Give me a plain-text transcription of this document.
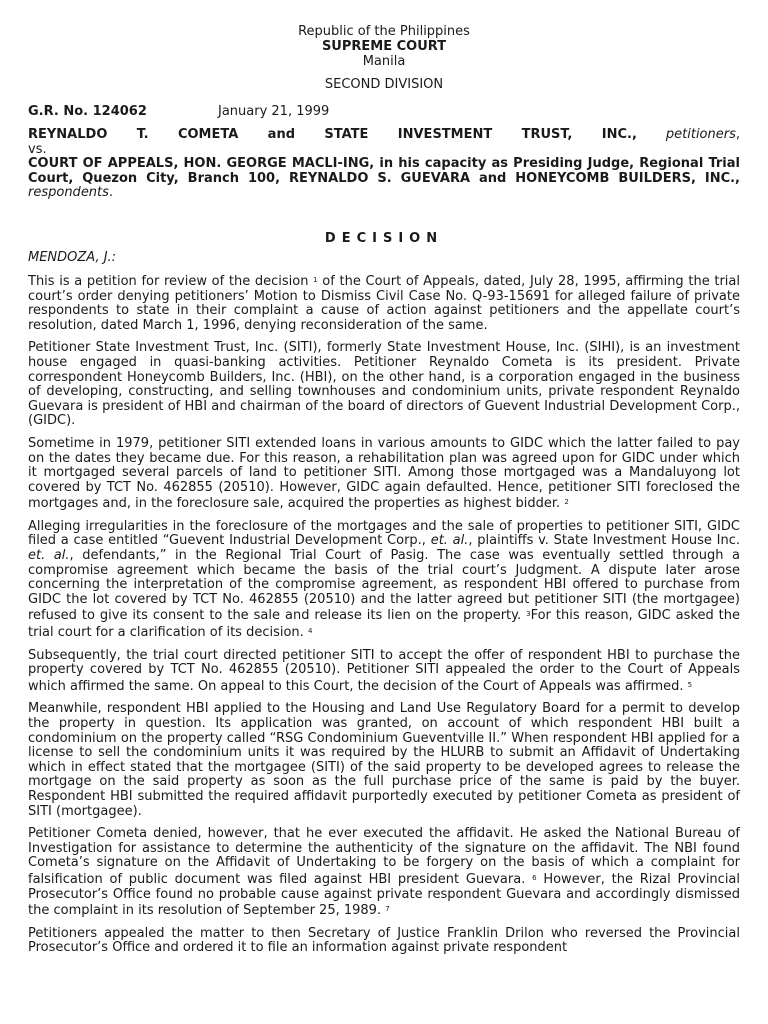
Republic of the Philippines
SUPREME COURT
Manila
SECOND DIVISION
G.R. No. 124062	January 21, 1999
REYNALDO T. COMETA and STATE INVESTMENT TRUST, INC., petitioners,
vs.
COURT OF APPEALS, HON. GEORGE MACLI-ING, in his capacity as Presiding Judge, Regional Trial Court, Quezon City, Branch 100, REYNALDO S. GUEVARA and HONEYCOMB BUILDERS, INC., respondents.
DECISION
MENDOZA, J.:

This is a petition for review of the decision $^1$ of the Court of Appeals, dated, July 28, 1995, affirming the trial court’s order denying petitioners’ Motion to Dismiss Civil Case No. Q-93-15691 for alleged failure of private respondents to state in their complaint a cause of action against petitioners and the appellate court’s resolution, dated March 1, 1996, denying reconsideration of the same.

Petitioner State Investment Trust, Inc. (SITI), formerly State Investment House, Inc. (SIHI), is an investment house engaged in quasi-banking activities. Petitioner Reynaldo Cometa is its president. Private correspondent Honeycomb Builders, Inc. (HBI), on the other hand, is a corporation engaged in the business of developing, constructing, and selling townhouses and condominium units, private respondent Reynaldo Guevara is president of HBI and chairman of the board of directors of Guevent Industrial Development Corp., (GIDC).

Sometime in 1979, petitioner SITI extended loans in various amounts to GIDC which the latter failed to pay on the dates they became due. For this reason, a rehabilitation plan was agreed upon for GIDC under which it mortgaged several parcels of land to petitioner SITI. Among those mortgaged was a Mandaluyong lot covered by TCT No. 462855 (20510). However, GIDC again defaulted. Hence, petitioner SITI foreclosed the mortgages and, in the foreclosure sale, acquired the properties as highest bidder. $^2$

Alleging irregularities in the foreclosure of the mortgages and the sale of properties to petitioner SITI, GIDC filed a case entitled “Guevent Industrial Development Corp., et. al., plaintiffs v. State Investment House Inc. et. al., defendants,” in the Regional Trial Court of Pasig. The case was eventually settled through a compromise agreement which became the basis of the trial court’s Judgment. A dispute later arose concerning the interpretation of the compromise agreement, as respondent HBI offered to purchase from GIDC the lot covered by TCT No. 462855 (20510) and the latter agreed but petitioner SITI (the mortgagee) refused to give its consent to the sale and release its lien on the property. $^3$For this reason, GIDC asked the trial court for a clarification of its decision. $^4$

Subsequently, the trial court directed petitioner SITI to accept the offer of respondent HBI to purchase the property covered by TCT No. 462855 (20510). Petitioner SITI appealed the order to the Court of Appeals which affirmed the same. On appeal to this Court, the decision of the Court of Appeals was affirmed. $^5$

Meanwhile, respondent HBI applied to the Housing and Land Use Regulatory Board for a permit to develop the property in question. Its application was granted, on account of which respondent HBI built a condominium on the property called “RSG Condominium Gueventville II.” When respondent HBI applied for a license to sell the condominium units it was required by the HLURB to submit an Affidavit of Undertaking which in effect stated that the mortgagee (SITI) of the said property to be developed agrees to release the mortgage on the said property as soon as the full purchase price of the same is paid by the buyer. Respondent HBI submitted the required affidavit purportedly executed by petitioner Cometa as president of SITI (mortgagee).

Petitioner Cometa denied, however, that he ever executed the affidavit. He asked the National Bureau of Investigation for assistance to determine the authenticity of the signature on the affidavit. The NBI found Cometa’s signature on the Affidavit of Undertaking to be forgery on the basis of which a complaint for falsification of public document was filed against HBI president Guevara. $^6$ However, the Rizal Provincial Prosecutor’s Office found no probable cause against private respondent Guevara and accordingly dismissed the complaint in its resolution of September 25, 1989. $^7$

Petitioners appealed the matter to then Secretary of Justice Franklin Drilon who reversed the Provincial Prosecutor’s Office and ordered it to file an information against private respondent
